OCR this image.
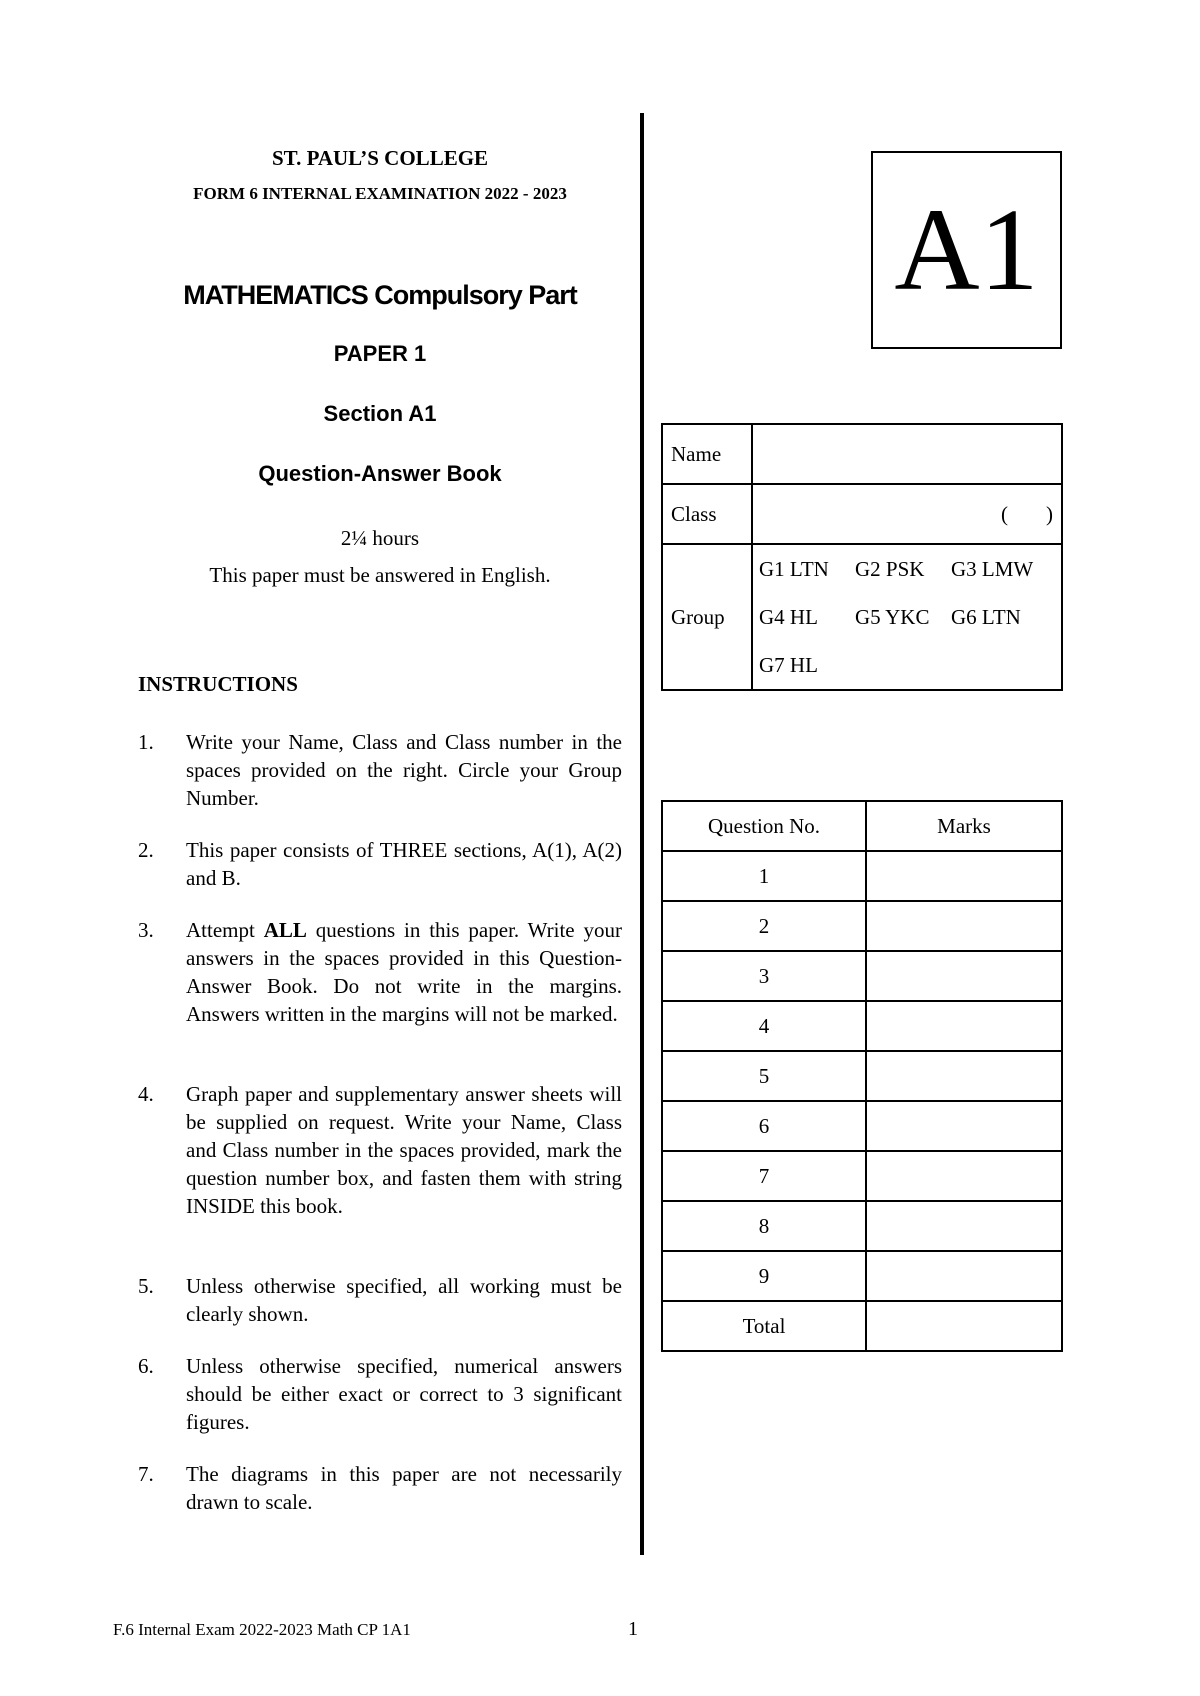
ST. PAUL’S COLLEGE
FORM 6 INTERNAL EXAMINATION 2022 - 2023
MATHEMATICS Compulsory Part
PAPER 1
Section A1
Question-Answer Book
2¼ hours
This paper must be answered in English.
INSTRUCTIONS
1. Write your Name, Class and Class number in the spaces provided on the right. Circle your Group Number.
2. This paper consists of THREE sections, A(1), A(2) and B.
3. Attempt ALL questions in this paper. Write your answers in the spaces provided in this Question-Answer Book. Do not write in the margins. Answers written in the margins will not be marked.
4. Graph paper and supplementary answer sheets will be supplied on request. Write your Name, Class and Class number in the spaces provided, mark the question number box, and fasten them with string INSIDE this book.
5. Unless otherwise specified, all working must be clearly shown.
6. Unless otherwise specified, numerical answers should be either exact or correct to 3 significant figures.
7. The diagrams in this paper are not necessarily drawn to scale.
A1
Name	
Class	( )
Group	G1 LTN G2 PSK G3 LMW
G4 HL G5 YKC G6 LTN
G7 HL
Question No.	Marks
1	
2	
3	
4	
5	
6	
7	
8	
9	
Total	
F.6 Internal Exam 2022-2023 Math CP 1A1	1
